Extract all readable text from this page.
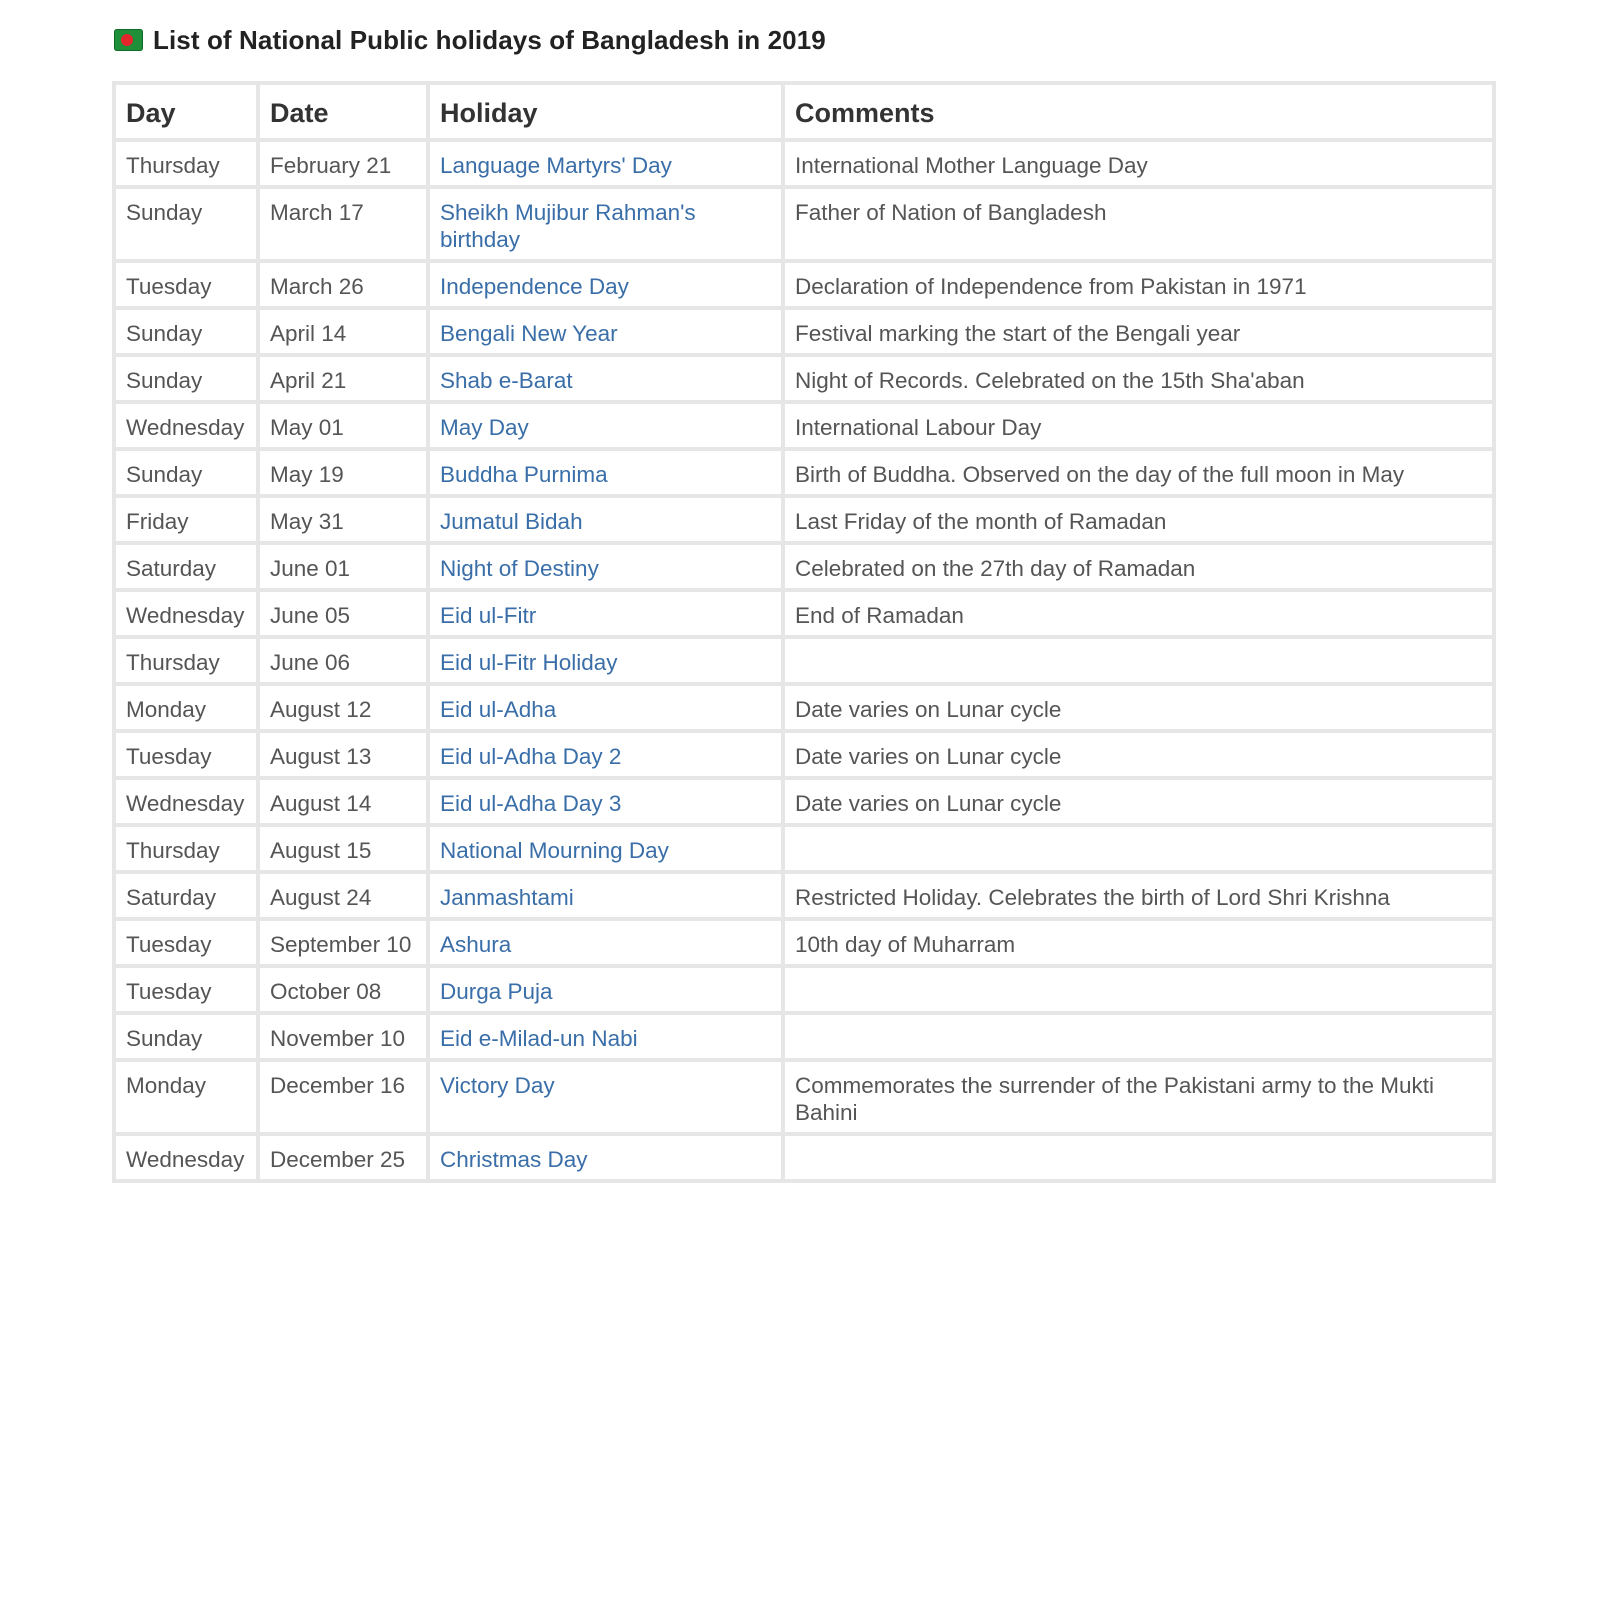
List of National Public holidays of Bangladesh in 2019
Day	Date	Holiday	Comments
Thursday	February 21	Language Martyrs' Day	International Mother Language Day
Sunday	March 17	Sheikh Mujibur Rahman's birthday	Father of Nation of Bangladesh
Tuesday	March 26	Independence Day	Declaration of Independence from Pakistan in 1971
Sunday	April 14	Bengali New Year	Festival marking the start of the Bengali year
Sunday	April 21	Shab e-Barat	Night of Records. Celebrated on the 15th Sha'aban
Wednesday	May 01	May Day	International Labour Day
Sunday	May 19	Buddha Purnima	Birth of Buddha. Observed on the day of the full moon in May
Friday	May 31	Jumatul Bidah	Last Friday of the month of Ramadan
Saturday	June 01	Night of Destiny	Celebrated on the 27th day of Ramadan
Wednesday	June 05	Eid ul-Fitr	End of Ramadan
Thursday	June 06	Eid ul-Fitr Holiday	
Monday	August 12	Eid ul-Adha	Date varies on Lunar cycle
Tuesday	August 13	Eid ul-Adha Day 2	Date varies on Lunar cycle
Wednesday	August 14	Eid ul-Adha Day 3	Date varies on Lunar cycle
Thursday	August 15	National Mourning Day	
Saturday	August 24	Janmashtami	Restricted Holiday. Celebrates the birth of Lord Shri Krishna
Tuesday	September 10	Ashura	10th day of Muharram
Tuesday	October 08	Durga Puja	
Sunday	November 10	Eid e-Milad-un Nabi	
Monday	December 16	Victory Day	Commemorates the surrender of the Pakistani army to the Mukti Bahini
Wednesday	December 25	Christmas Day	
